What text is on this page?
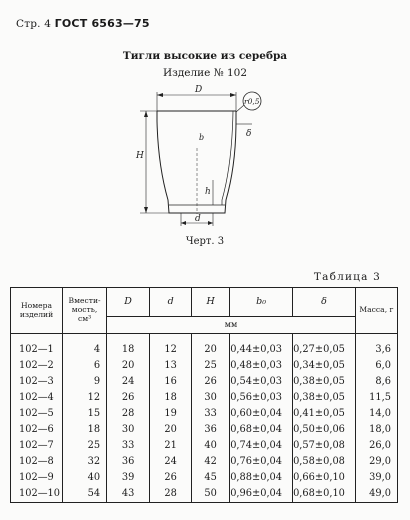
Стр. 4 ГОСТ 6563—75
Тигли высокие из серебра
Изделие № 102
D
H
d
h
r0,5
δ
b
Черт. 3
Таблица 3
Номера изделий	Вмести-мость, см³	D	d	H	b₀	δ	Масса, г
		мм					
102—1	4	18	12	20	0,44±0,03	0,27±0,05	3,6
102—2	6	20	13	25	0,48±0,03	0,34±0,05	6,0
102—3	9	24	16	26	0,54±0,03	0,38±0,05	8,6
102—4	12	26	18	30	0,56±0,03	0,38±0,05	11,5
102—5	15	28	19	33	0,60±0,04	0,41±0,05	14,0
102—6	18	30	20	36	0,68±0,04	0,50±0,06	18,0
102—7	25	33	21	40	0,74±0,04	0,57±0,08	26,0
102—8	32	36	24	42	0,76±0,04	0,58±0,08	29,0
102—9	40	39	26	45	0,88±0,04	0,66±0,10	39,0
102—10	54	43	28	50	0,96±0,04	0,68±0,10	49,0
